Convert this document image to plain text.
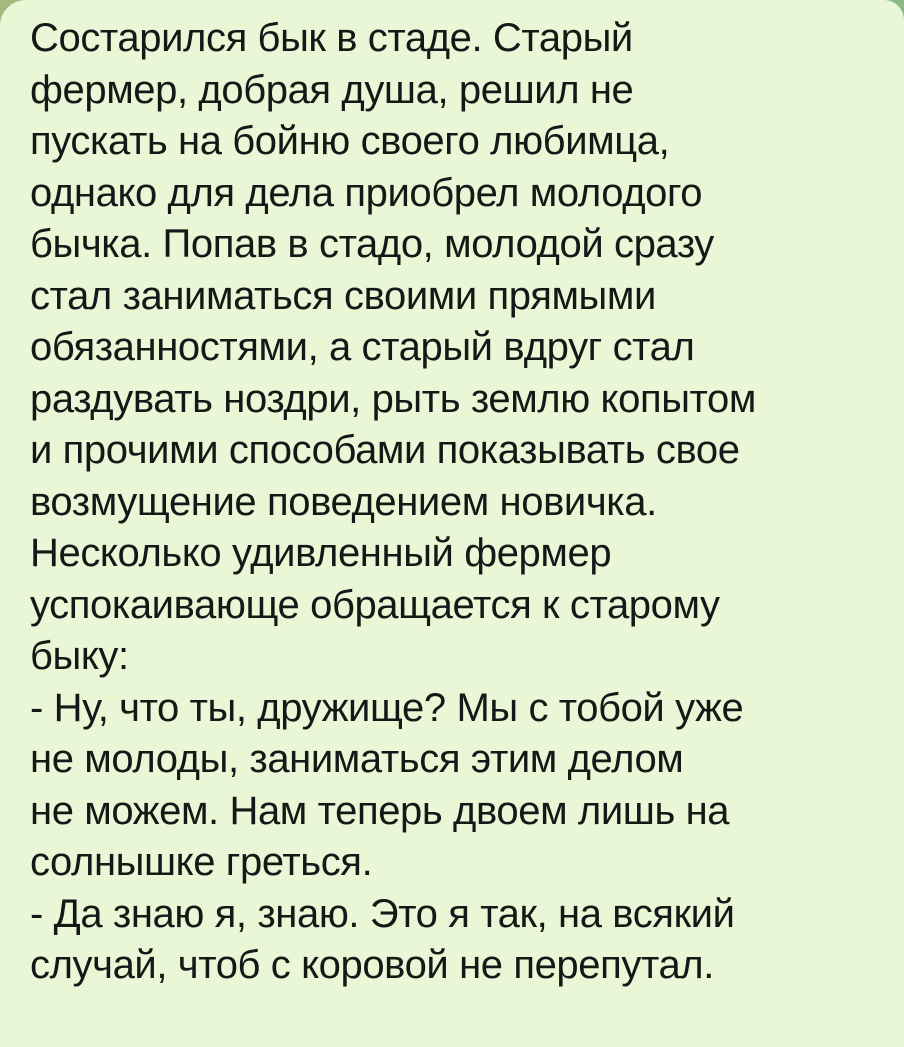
Состарился бык в стаде. Старый
фермер, добрая душа, решил не
пускать на бойню своего любимца,
однако для дела приобрел молодого
бычка. Попав в стадо, молодой сразу
стал заниматься своими прямыми
обязанностями, а старый вдруг стал
раздувать ноздри, рыть землю копытом
и прочими способами показывать свое
возмущение поведением новичка.
Несколько удивленный фермер
успокаивающе обращается к старому
быку:
- Ну, что ты, дружище? Мы с тобой уже
не молоды, заниматься этим делом
не можем. Нам теперь двоем лишь на
солнышке греться.
- Да знаю я, знаю. Это я так, на всякий
случай, чтоб с коровой не перепутал.
